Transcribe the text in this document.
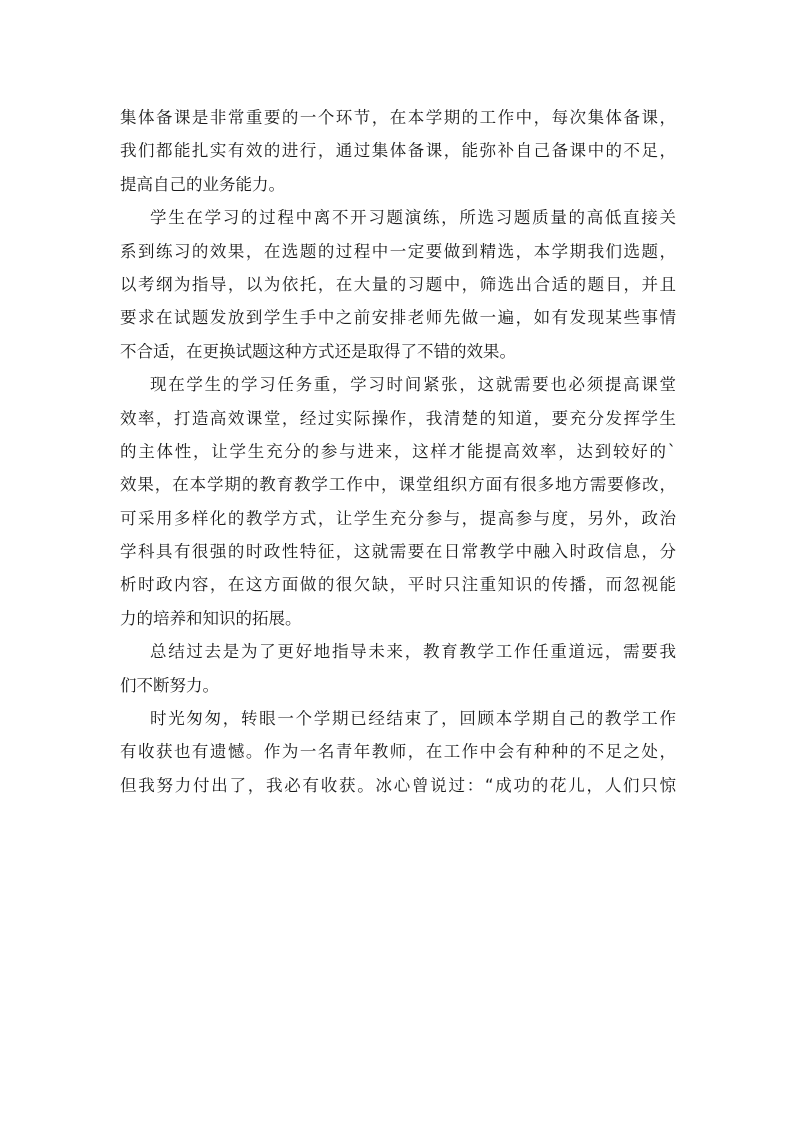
集体备课是非常重要的一个环节，在本学期的工作中，每次集体备课，
我们都能扎实有效的进行，通过集体备课，能弥补自己备课中的不足，
提高自己的业务能力。
学生在学习的过程中离不开习题演练，所选习题质量的高低直接关
系到练习的效果，在选题的过程中一定要做到精选，本学期我们选题，
以考纲为指导，以为依托，在大量的习题中，筛选出合适的题目，并且
要求在试题发放到学生手中之前安排老师先做一遍，如有发现某些事情
不合适，在更换试题这种方式还是取得了不错的效果。
现在学生的学习任务重，学习时间紧张，这就需要也必须提高课堂
效率，打造高效课堂，经过实际操作，我清楚的知道，要充分发挥学生
的主体性，让学生充分的参与进来，这样才能提高效率，达到较好的`
效果，在本学期的教育教学工作中，课堂组织方面有很多地方需要修改，
可采用多样化的教学方式，让学生充分参与，提高参与度，另外，政治
学科具有很强的时政性特征，这就需要在日常教学中融入时政信息，分
析时政内容，在这方面做的很欠缺，平时只注重知识的传播，而忽视能
力的培养和知识的拓展。
总结过去是为了更好地指导未来，教育教学工作任重道远，需要我
们不断努力。
时光匆匆，转眼一个学期已经结束了，回顾本学期自己的教学工作
有收获也有遗憾。作为一名青年教师，在工作中会有种种的不足之处，
但我努力付出了，我必有收获。冰心曾说过：“成功的花儿，人们只惊
